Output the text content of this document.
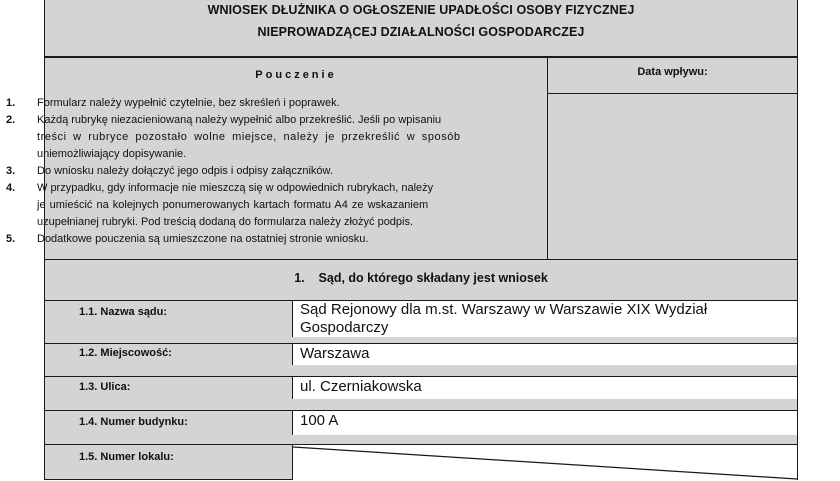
WNIOSEK DŁUŻNIKA O OGŁOSZENIE UPADŁOŚCI OSOBY FIZYCZNEJ
NIEPROWADZĄCEJ DZIAŁALNOŚCI GOSPODARCZEJ
Pouczenie
1. Formularz należy wypełnić czytelnie, bez skreśleń i poprawek.
2. Każdą rubrykę niezacieniowaną należy wypełnić albo przekreślić. Jeśli po wpisaniu
treści w rubryce pozostało wolne miejsce, należy je przekreślić w sposób
uniemożliwiający dopisywanie.
3. Do wniosku należy dołączyć jego odpis i odpisy załączników.
4. W przypadku, gdy informacje nie mieszczą się w odpowiednich rubrykach, należy
je umieścić na kolejnych ponumerowanych kartach formatu A4 ze wskazaniem
uzupełnianej rubryki. Pod treścią dodaną do formularza należy złożyć podpis.
5. Dodatkowe pouczenia są umieszczone na ostatniej stronie wniosku.
Data wpływu:
1.    Sąd, do którego składany jest wniosek
1.1. Nazwa sądu:	Sąd Rejonowy dla m.st. Warszawy w Warszawie XIX Wydział
Gospodarczy
1.2. Miejscowość:	Warszawa
1.3. Ulica:	ul. Czerniakowska
1.4. Numer budynku:	100 A
1.5. Numer lokalu:
